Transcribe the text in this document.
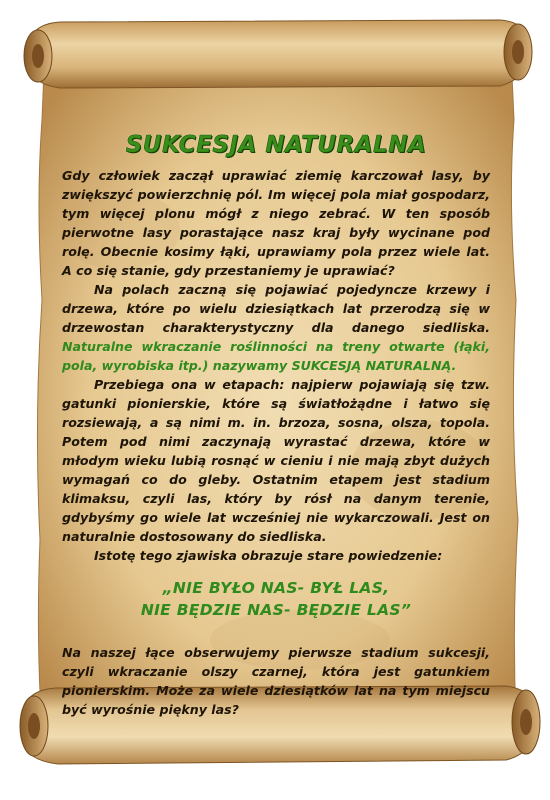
SUKCESJA NATURALNA

Gdy człowiek zaczął uprawiać ziemię karczował lasy, by zwiększyć powierzchnię pól. Im więcej pola miał gospodarz, tym więcej plonu mógł z niego zebrać. W ten sposób pierwotne lasy porastające nasz kraj były wycinane pod rolę. Obecnie kosimy łąki, uprawiamy pola przez wiele lat. A co się stanie, gdy przestaniemy je uprawiać?

Na polach zaczną się pojawiać pojedyncze krzewy i drzewa, które po wielu dziesiątkach lat przerodzą się w drzewostan charakterystyczny dla danego siedliska. Naturalne wkraczanie roślinności na treny otwarte (łąki, pola, wyrobiska itp.) nazywamy SUKCESJĄ NATURALNĄ.

Przebiega ona w etapach: najpierw pojawiają się tzw. gatunki pionierskie, które są światłożądne i łatwo się rozsiewają, a są nimi m. in. brzoza, sosna, olsza, topola. Potem pod nimi zaczynają wyrastać drzewa, które w młodym wieku lubią rosnąć w cieniu i nie mają zbyt dużych wymagań co do gleby. Ostatnim etapem jest stadium klimaksu, czyli las, który by rósł na danym terenie, gdybyśmy go wiele lat wcześniej nie wykarczowali. Jest on naturalnie dostosowany do siedliska.

Istotę tego zjawiska obrazuje stare powiedzenie:

„NIE BYŁO NAS- BYŁ LAS,
NIE BĘDZIE NAS- BĘDZIE LAS”

Na naszej łące obserwujemy pierwsze stadium sukcesji, czyli wkraczanie olszy czarnej, która jest gatunkiem pionierskim. Może za wiele dziesiątków lat na tym miejscu być wyrośnie piękny las?
